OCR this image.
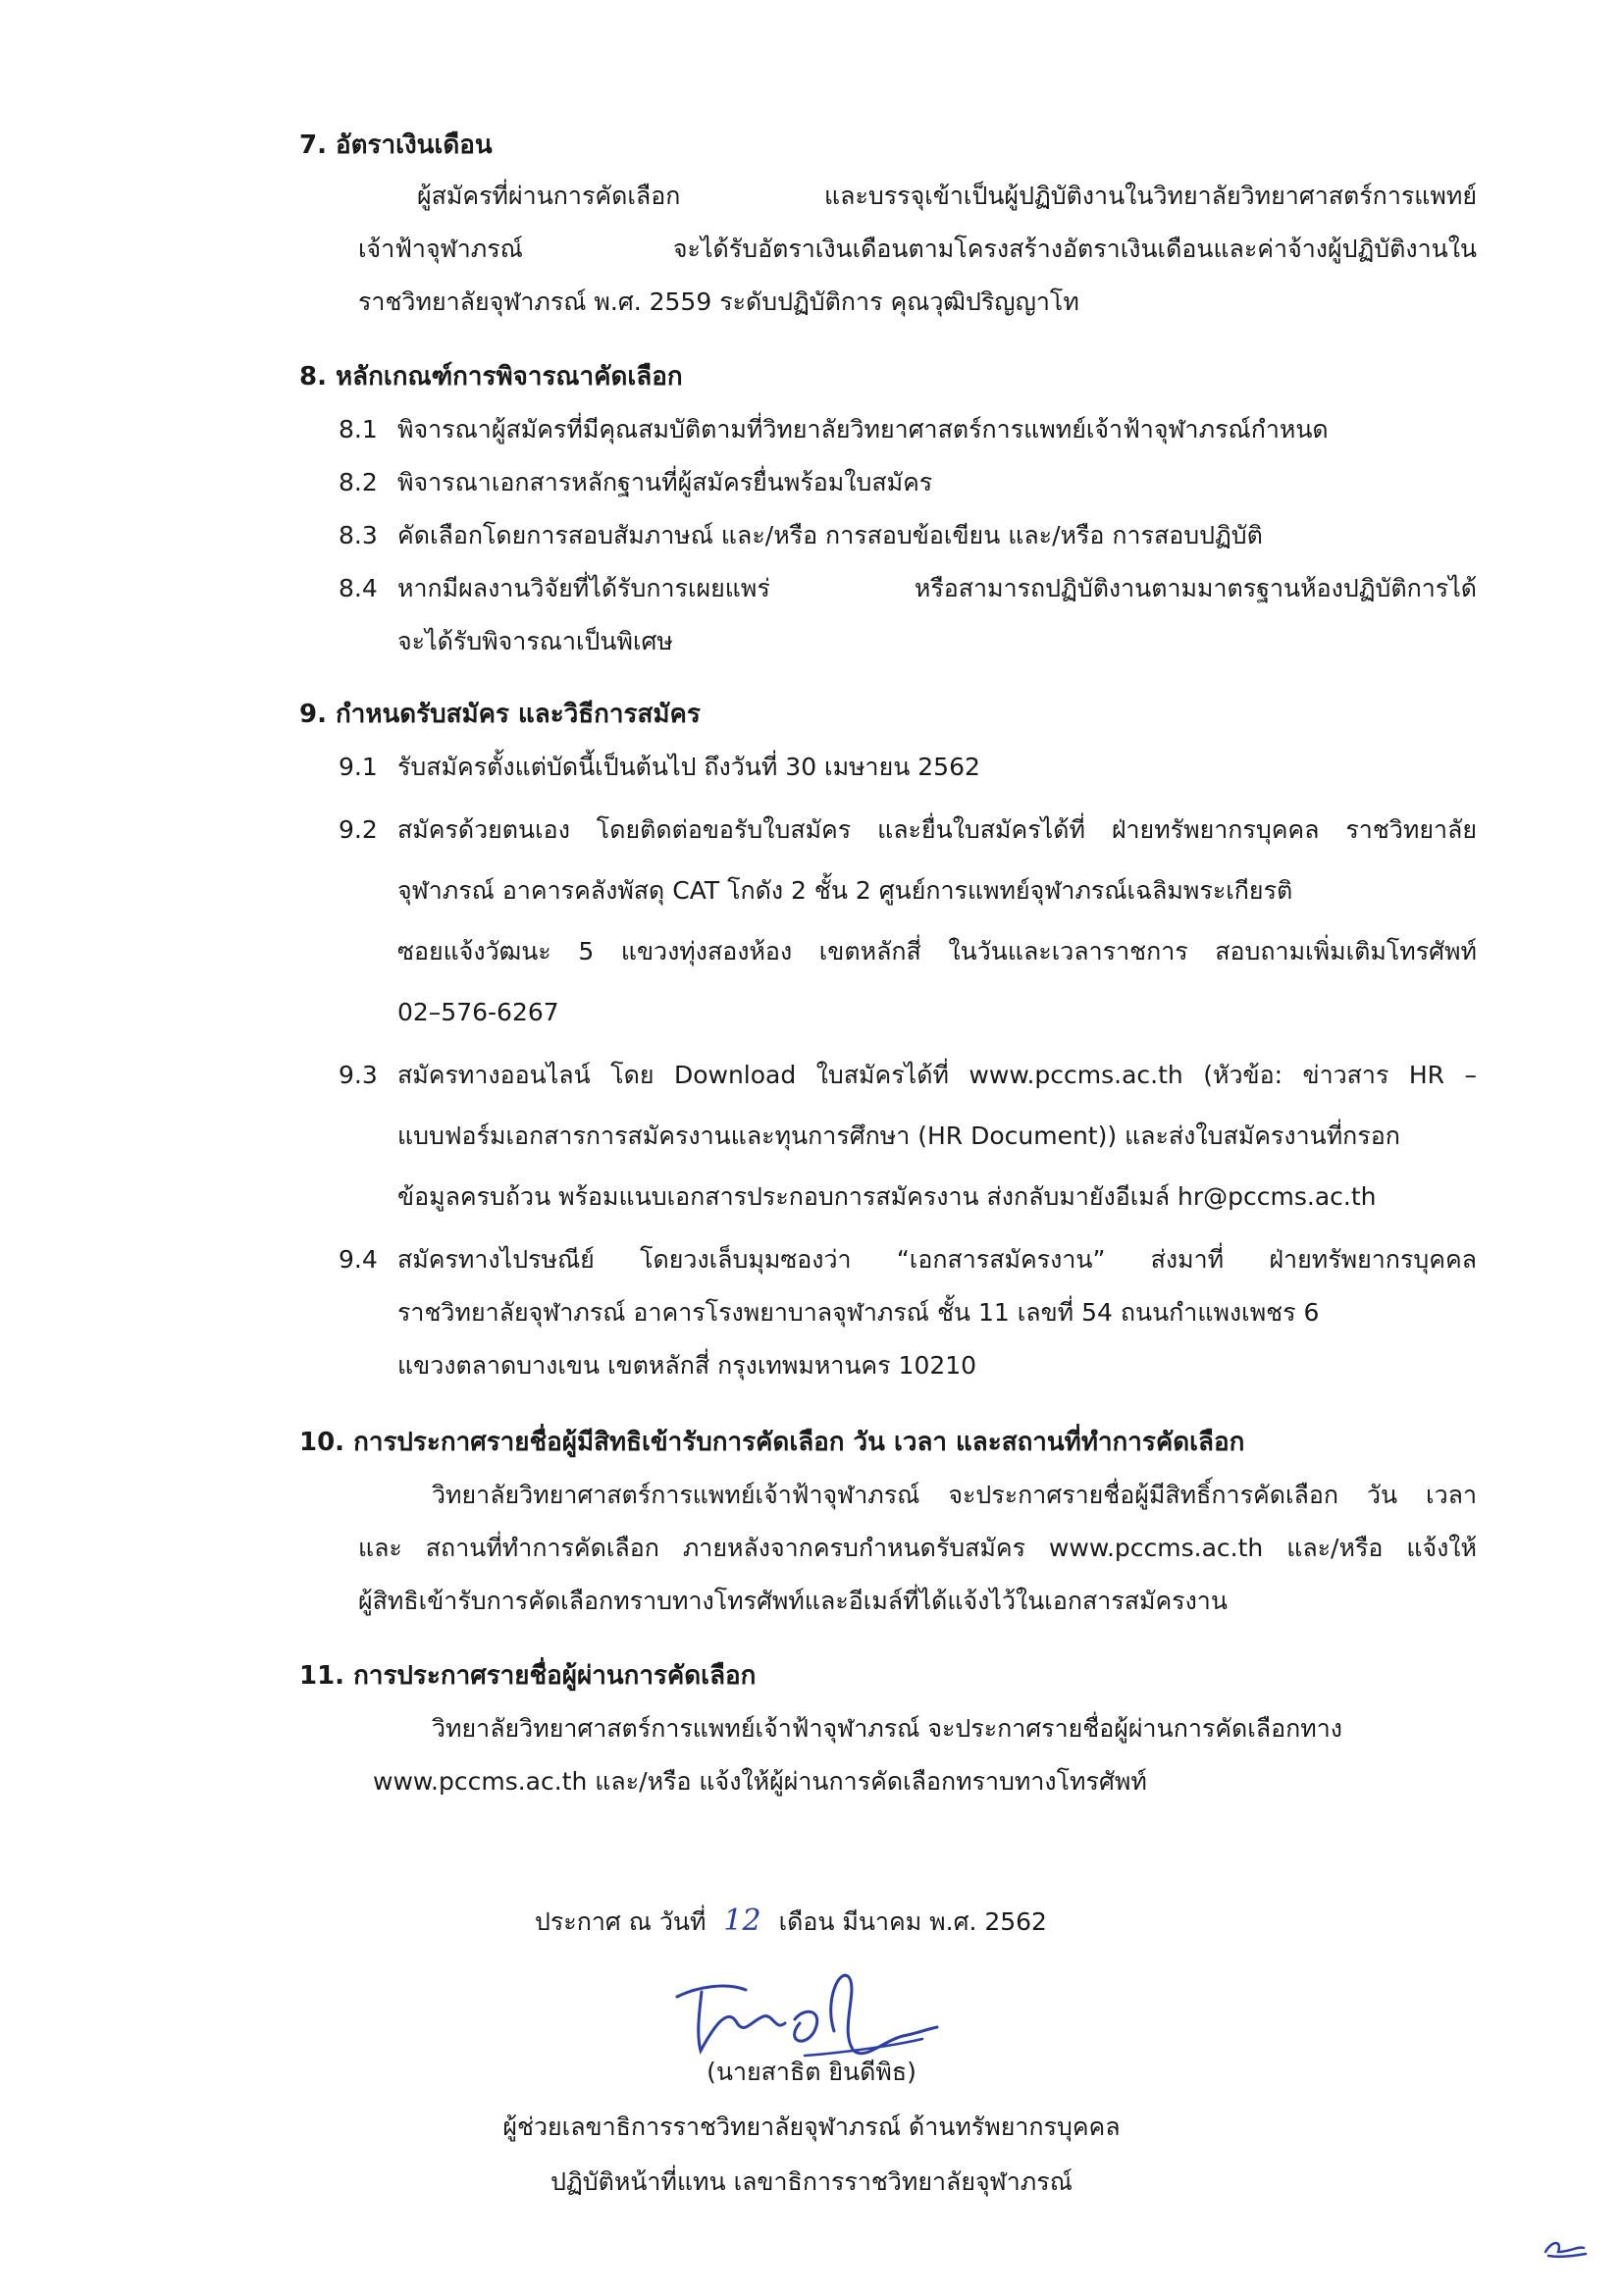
7. อัตราเงินเดือน
ผู้สมัครที่ผ่านการคัดเลือก และบรรจุเข้าเป็นผู้ปฏิบัติงานในวิทยาลัยวิทยาศาสตร์การแพทย์
เจ้าฟ้าจุฬาภรณ์ จะได้รับอัตราเงินเดือนตามโครงสร้างอัตราเงินเดือนและค่าจ้างผู้ปฏิบัติงานใน
ราชวิทยาลัยจุฬาภรณ์ พ.ศ. 2559 ระดับปฏิบัติการ คุณวุฒิปริญญาโท
8. หลักเกณฑ์การพิจารณาคัดเลือก
8.1 พิจารณาผู้สมัครที่มีคุณสมบัติตามที่วิทยาลัยวิทยาศาสตร์การแพทย์เจ้าฟ้าจุฬาภรณ์กำหนด
8.2 พิจารณาเอกสารหลักฐานที่ผู้สมัครยื่นพร้อมใบสมัคร
8.3 คัดเลือกโดยการสอบสัมภาษณ์ และ/หรือ การสอบข้อเขียน และ/หรือ การสอบปฏิบัติ
8.4 หากมีผลงานวิจัยที่ได้รับการเผยแพร่ หรือสามารถปฏิบัติงานตามมาตรฐานห้องปฏิบัติการได้
จะได้รับพิจารณาเป็นพิเศษ
9. กำหนดรับสมัคร และวิธีการสมัคร
9.1 รับสมัครตั้งแต่บัดนี้เป็นต้นไป ถึงวันที่ 30 เมษายน 2562
9.2 สมัครด้วยตนเอง โดยติดต่อขอรับใบสมัคร และยื่นใบสมัครได้ที่ ฝ่ายทรัพยากรบุคคล ราชวิทยาลัย
จุฬาภรณ์ อาคารคลังพัสดุ CAT โกดัง 2 ชั้น 2 ศูนย์การแพทย์จุฬาภรณ์เฉลิมพระเกียรติ
ซอยแจ้งวัฒนะ 5 แขวงทุ่งสองห้อง เขตหลักสี่ ในวันและเวลาราชการ สอบถามเพิ่มเติมโทรศัพท์
02–576-6267
9.3 สมัครทางออนไลน์ โดย Download ใบสมัครได้ที่ www.pccms.ac.th (หัวข้อ: ข่าวสาร HR –
แบบฟอร์มเอกสารการสมัครงานและทุนการศึกษา (HR Document)) และส่งใบสมัครงานที่กรอก
ข้อมูลครบถ้วน พร้อมแนบเอกสารประกอบการสมัครงาน ส่งกลับมายังอีเมล์ hr@pccms.ac.th
9.4 สมัครทางไปรษณีย์ โดยวงเล็บมุมซองว่า “เอกสารสมัครงาน” ส่งมาที่ ฝ่ายทรัพยากรบุคคล
ราชวิทยาลัยจุฬาภรณ์ อาคารโรงพยาบาลจุฬาภรณ์ ชั้น 11 เลขที่ 54 ถนนกำแพงเพชร 6
แขวงตลาดบางเขน เขตหลักสี่ กรุงเทพมหานคร 10210
10. การประกาศรายชื่อผู้มีสิทธิเข้ารับการคัดเลือก วัน เวลา และสถานที่ทำการคัดเลือก
วิทยาลัยวิทยาศาสตร์การแพทย์เจ้าฟ้าจุฬาภรณ์ จะประกาศรายชื่อผู้มีสิทธิ์การคัดเลือก วัน เวลา
และ สถานที่ทำการคัดเลือก ภายหลังจากครบกำหนดรับสมัคร www.pccms.ac.th และ/หรือ แจ้งให้
ผู้สิทธิเข้ารับการคัดเลือกทราบทางโทรศัพท์และอีเมล์ที่ได้แจ้งไว้ในเอกสารสมัครงาน
11. การประกาศรายชื่อผู้ผ่านการคัดเลือก
วิทยาลัยวิทยาศาสตร์การแพทย์เจ้าฟ้าจุฬาภรณ์ จะประกาศรายชื่อผู้ผ่านการคัดเลือกทาง
www.pccms.ac.th และ/หรือ แจ้งให้ผู้ผ่านการคัดเลือกทราบทางโทรศัพท์
ประกาศ ณ วันที่ 12 เดือน มีนาคม พ.ศ. 2562
(นายสาธิต ยินดีพิธ)
ผู้ช่วยเลขาธิการราชวิทยาลัยจุฬาภรณ์ ด้านทรัพยากรบุคคล
ปฏิบัติหน้าที่แทน เลขาธิการราชวิทยาลัยจุฬาภรณ์
